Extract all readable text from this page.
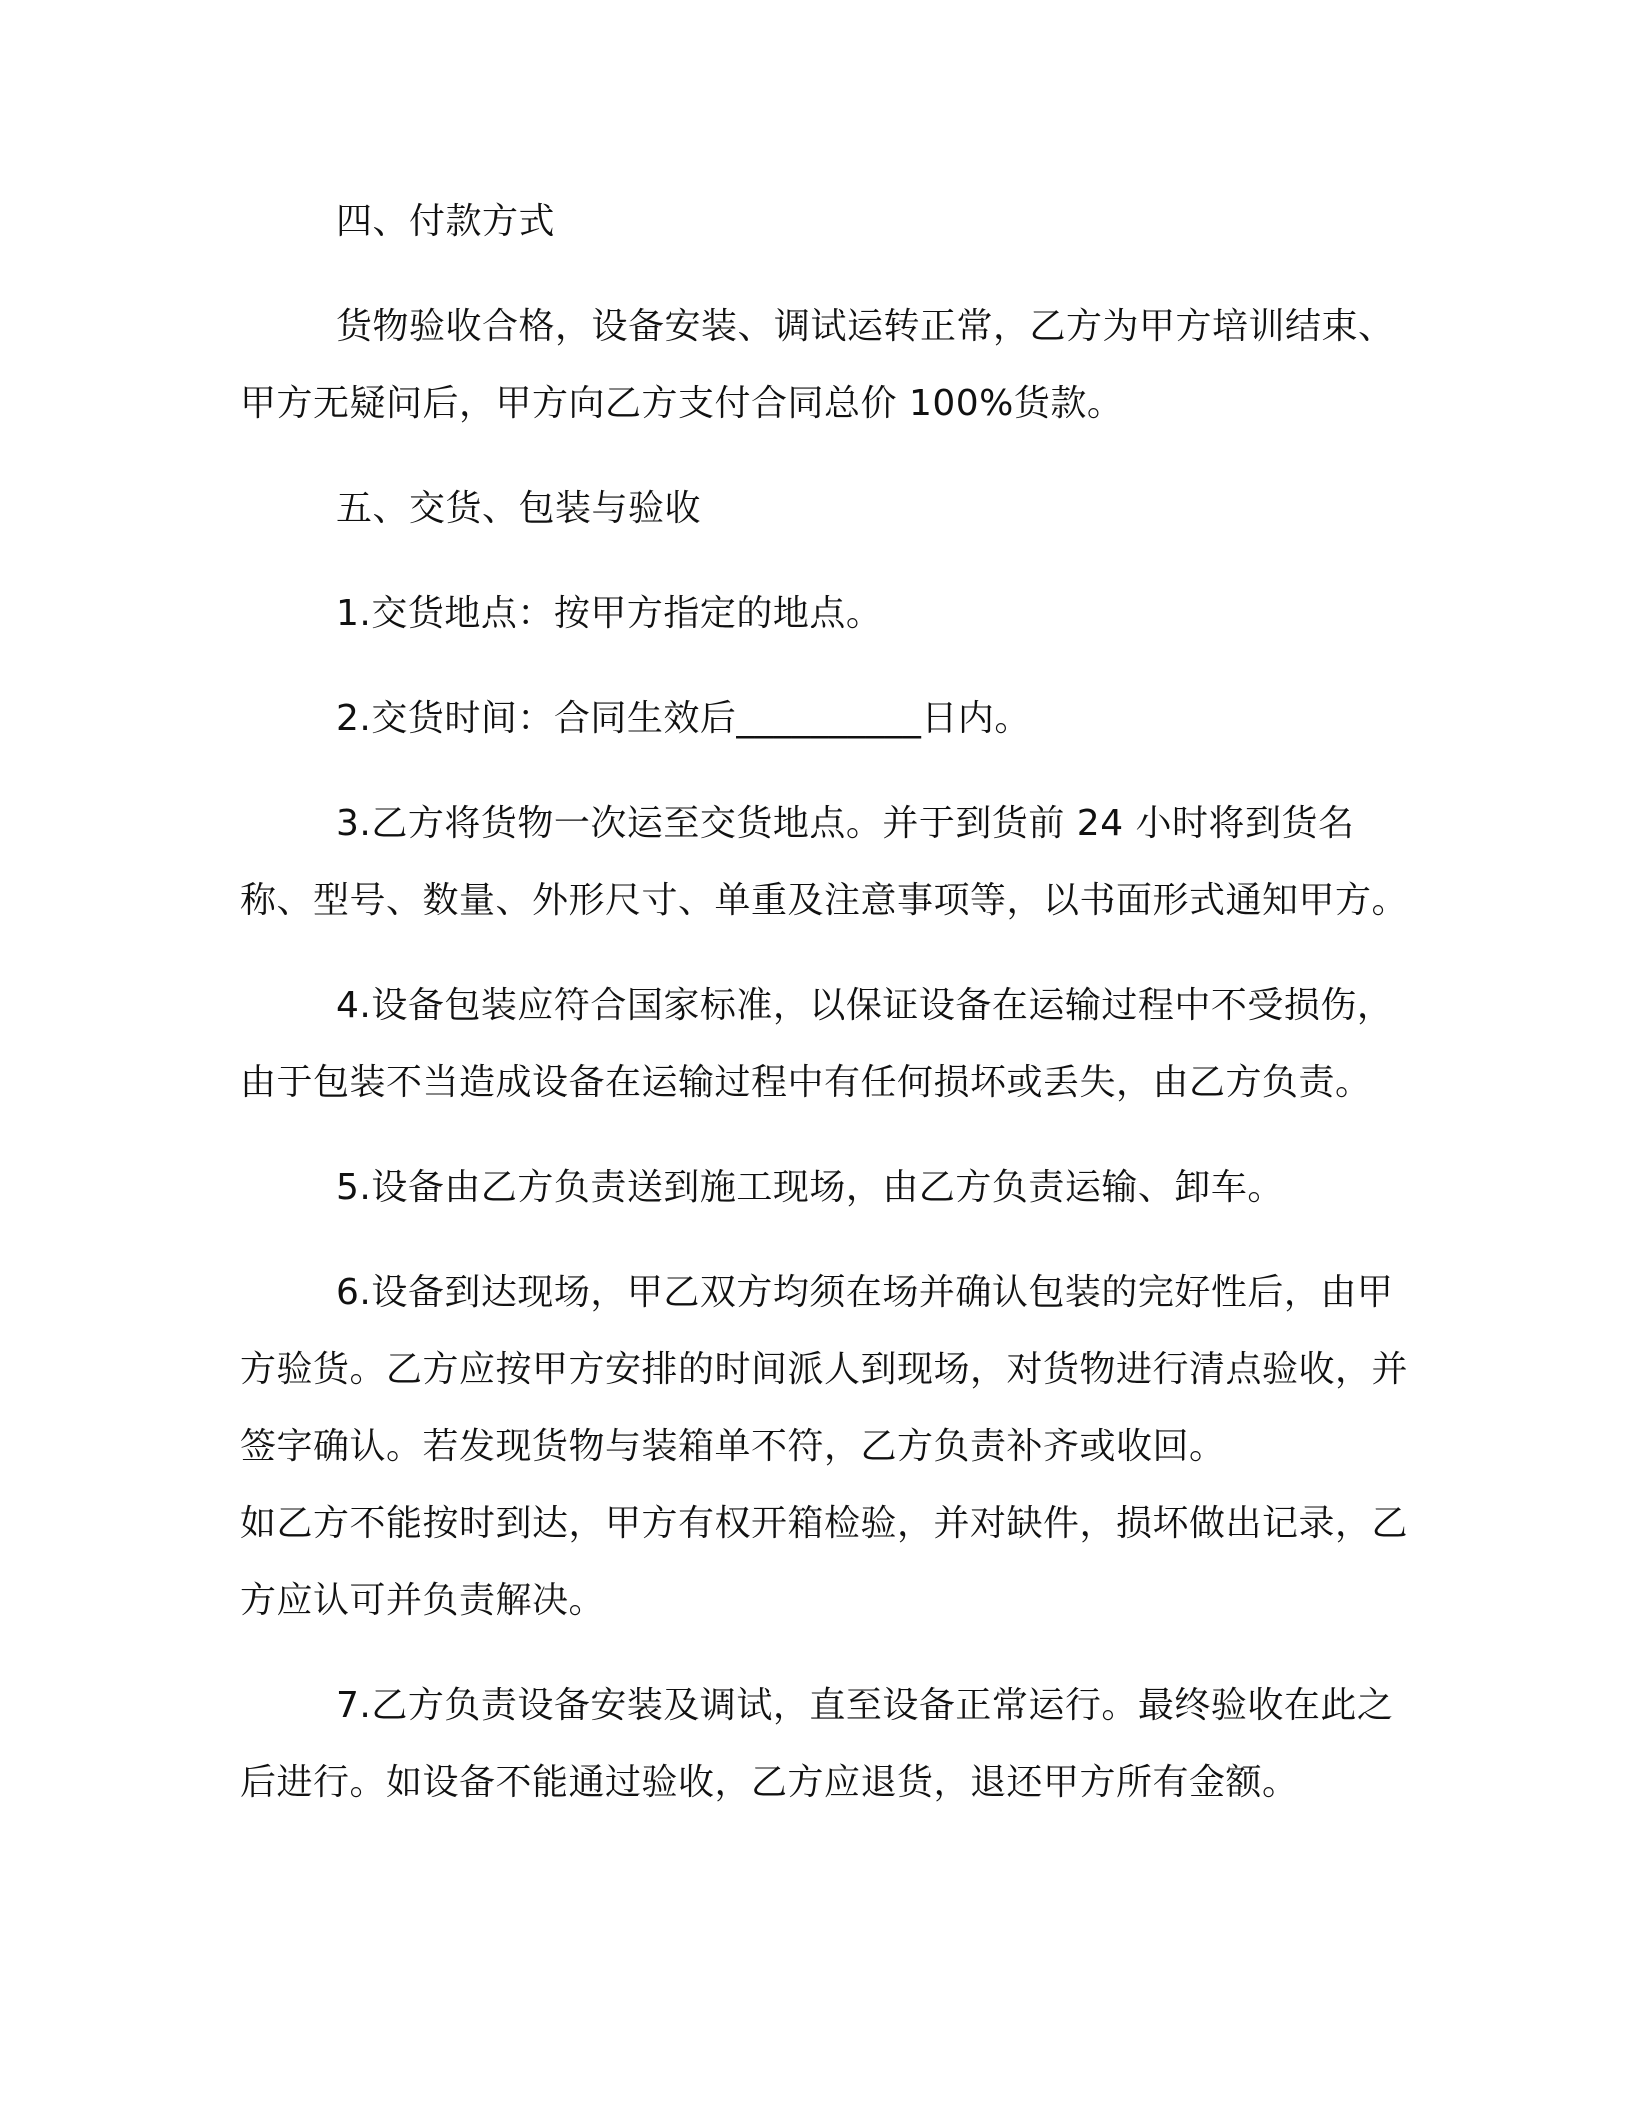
四、付款方式

货物验收合格，设备安装、调试运转正常，乙方为甲方培训结束、甲方无疑问后，甲方向乙方支付合同总价 100%货款。

五、交货、包装与验收

1.交货地点：按甲方指定的地点。

2.交货时间：合同生效后__________日内。

3.乙方将货物一次运至交货地点。并于到货前 24 小时将到货名称、型号、数量、外形尺寸、单重及注意事项等，以书面形式通知甲方。

4.设备包装应符合国家标准，以保证设备在运输过程中不受损伤，由于包装不当造成设备在运输过程中有任何损坏或丢失，由乙方负责。

5.设备由乙方负责送到施工现场，由乙方负责运输、卸车。

6.设备到达现场，甲乙双方均须在场并确认包装的完好性后，由甲方验货。乙方应按甲方安排的时间派人到现场，对货物进行清点验收，并签字确认。若发现货物与装箱单不符，乙方负责补齐或收回。

如乙方不能按时到达，甲方有权开箱检验，并对缺件，损坏做出记录，乙方应认可并负责解决。

7.乙方负责设备安装及调试，直至设备正常运行。最终验收在此之后进行。如设备不能通过验收，乙方应退货，退还甲方所有金额。
